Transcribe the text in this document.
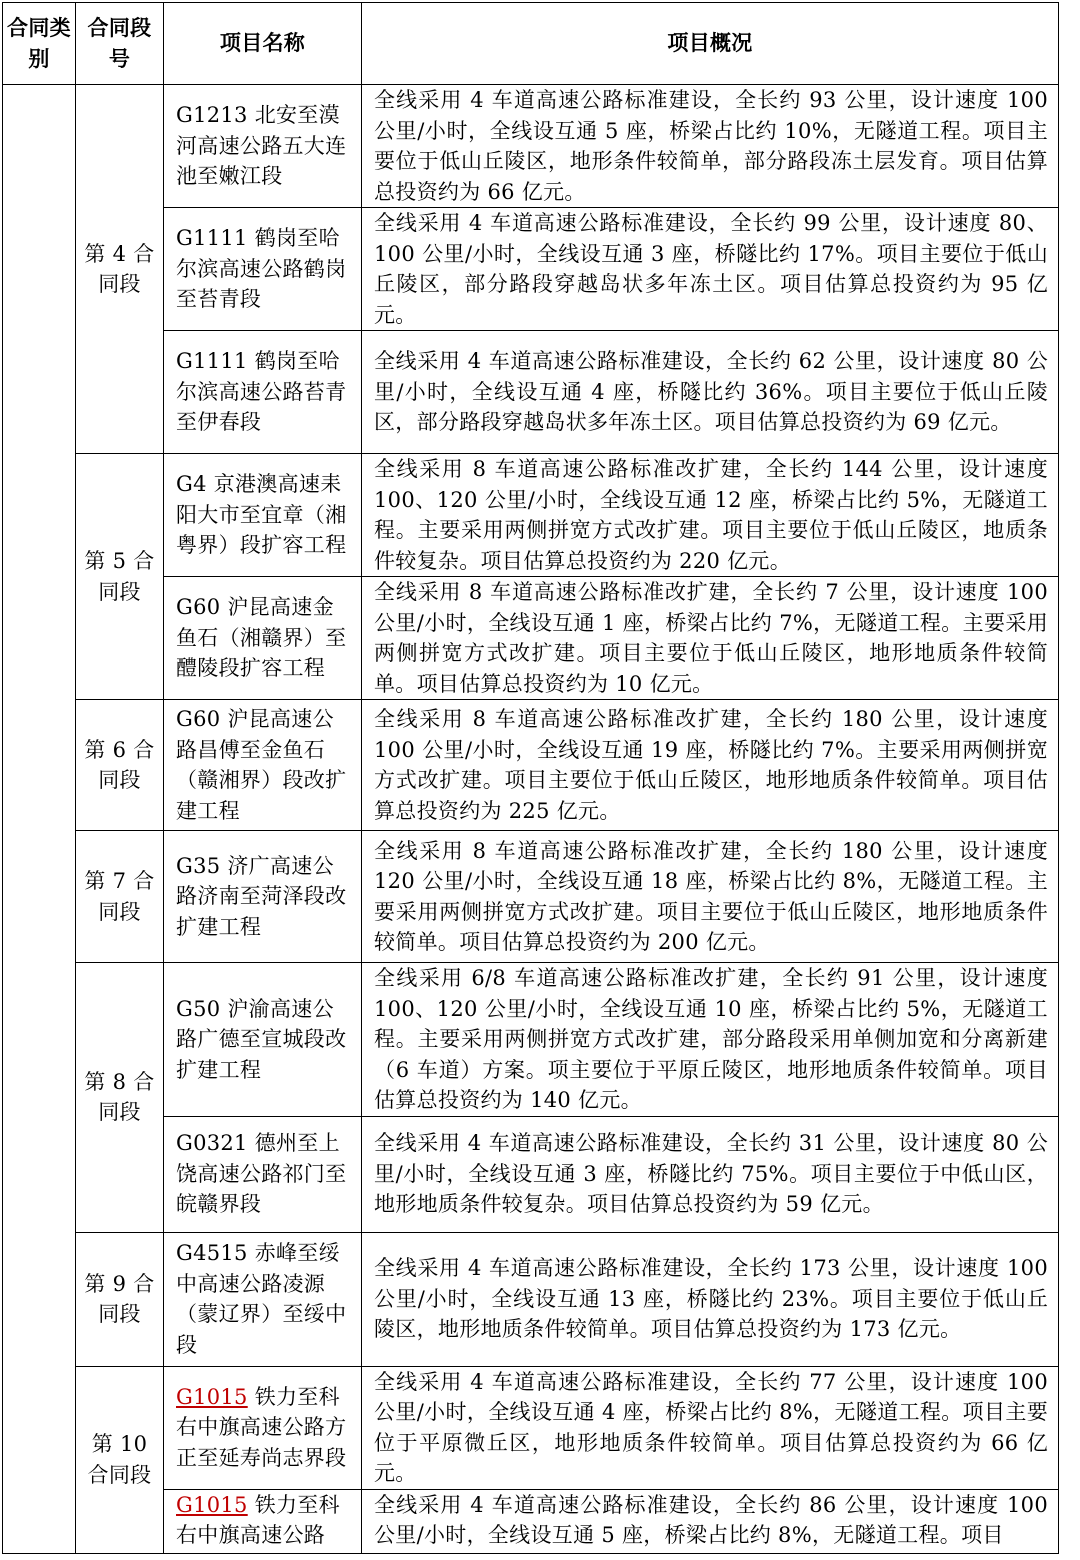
合同类别	合同段号	项目名称	项目概况
	第 4 合同段	G1213 北安至漠河高速公路五大连池至嫩江段	全线采用 4 车道高速公路标准建设，全长约 93 公里，设计速度 100 公里/小时，全线设互通 5 座，桥梁占比约 10%，无隧道工程。项目主要位于低山丘陵区，地形条件较简单，部分路段冻土层发育。项目估算总投资约为 66 亿元。
		G1111 鹤岗至哈尔滨高速公路鹤岗至苔青段	全线采用 4 车道高速公路标准建设，全长约 99 公里，设计速度 80、100 公里/小时，全线设互通 3 座，桥隧比约 17%。项目主要位于低山丘陵区，部分路段穿越岛状多年冻土区。项目估算总投资约为 95 亿元。
		G1111 鹤岗至哈尔滨高速公路苔青至伊春段	全线采用 4 车道高速公路标准建设，全长约 62 公里，设计速度 80 公里/小时，全线设互通 4 座，桥隧比约 36%。项目主要位于低山丘陵区，部分路段穿越岛状多年冻土区。项目估算总投资约为 69 亿元。
	第 5 合同段	G4 京港澳高速耒阳大市至宜章（湘粤界）段扩容工程	全线采用 8 车道高速公路标准改扩建，全长约 144 公里，设计速度 100、120 公里/小时，全线设互通 12 座，桥梁占比约 5%，无隧道工程。主要采用两侧拼宽方式改扩建。项目主要位于低山丘陵区，地质条件较复杂。项目估算总投资约为 220 亿元。
		G60 沪昆高速金鱼石（湘赣界）至醴陵段扩容工程	全线采用 8 车道高速公路标准改扩建，全长约 7 公里，设计速度 100 公里/小时，全线设互通 1 座，桥梁占比约 7%，无隧道工程。主要采用两侧拼宽方式改扩建。项目主要位于低山丘陵区，地形地质条件较简单。项目估算总投资约为 10 亿元。
	第 6 合同段	G60 沪昆高速公路昌傅至金鱼石（赣湘界）段改扩建工程	全线采用 8 车道高速公路标准改扩建，全长约 180 公里，设计速度 100 公里/小时，全线设互通 19 座，桥隧比约 7%。主要采用两侧拼宽方式改扩建。项目主要位于低山丘陵区，地形地质条件较简单。项目估算总投资约为 225 亿元。
	第 7 合同段	G35 济广高速公路济南至菏泽段改扩建工程	全线采用 8 车道高速公路标准改扩建，全长约 180 公里，设计速度 120 公里/小时，全线设互通 18 座，桥梁占比约 8%，无隧道工程。主要采用两侧拼宽方式改扩建。项目主要位于低山丘陵区，地形地质条件较简单。项目估算总投资约为 200 亿元。
	第 8 合同段	G50 沪渝高速公路广德至宣城段改扩建工程	全线采用 6/8 车道高速公路标准改扩建，全长约 91 公里，设计速度 100、120 公里/小时，全线设互通 10 座，桥梁占比约 5%，无隧道工程。主要采用两侧拼宽方式改扩建，部分路段采用单侧加宽和分离新建（6 车道）方案。项主要位于平原丘陵区，地形地质条件较简单。项目估算总投资约为 140 亿元。
		G0321 德州至上饶高速公路祁门至皖赣界段	全线采用 4 车道高速公路标准建设，全长约 31 公里，设计速度 80 公里/小时，全线设互通 3 座，桥隧比约 75%。项目主要位于中低山区，地形地质条件较复杂。项目估算总投资约为 59 亿元。
	第 9 合同段	G4515 赤峰至绥中高速公路凌源（蒙辽界）至绥中段	全线采用 4 车道高速公路标准建设，全长约 173 公里，设计速度 100 公里/小时，全线设互通 13 座，桥隧比约 23%。项目主要位于低山丘陵区，地形地质条件较简单。项目估算总投资约为 173 亿元。
	第 10 合同段	G1015 铁力至科右中旗高速公路方正至延寿尚志界段	全线采用 4 车道高速公路标准建设，全长约 77 公里，设计速度 100 公里/小时，全线设互通 4 座，桥梁占比约 8%，无隧道工程。项目主要位于平原微丘区，地形地质条件较简单。项目估算总投资约为 66 亿元。
		G1015 铁力至科右中旗高速公路	全线采用 4 车道高速公路标准建设，全长约 86 公里，设计速度 100 公里/小时，全线设互通 5 座，桥梁占比约 8%，无隧道工程。项目
